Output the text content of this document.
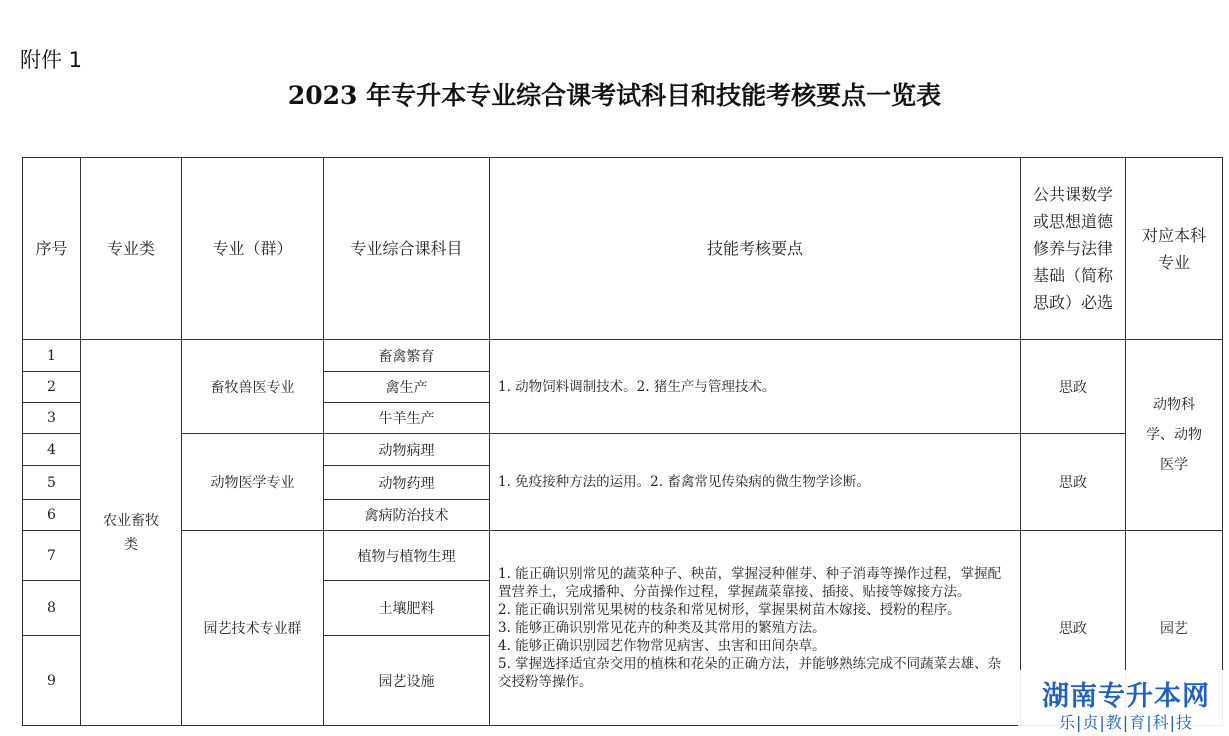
附件 1
2023 年专升本专业综合课考试科目和技能考核要点一览表
序号	专业类	专业（群）	专业综合课科目	技能考核要点	公共课数学或思想道德修养与法律基础（简称思政）必选	对应本科专业
1	农业畜牧类	畜牧兽医专业	畜禽繁育	1. 动物饲料调制技术。2. 猪生产与管理技术。	思政	动物科学、动物医学
2			禽生产			
3			牛羊生产			
4		动物医学专业	动物病理	1. 免疫接种方法的运用。2. 畜禽常见传染病的微生物学诊断。	思政	
5			动物药理			
6			禽病防治技术			
7		园艺技术专业群	植物与植物生理	1. 能正确识别常见的蔬菜种子、秧苗，掌握浸种催芽、种子消毒等操作过程，掌握配置营养土，完成播种、分苗操作过程，掌握蔬菜靠接、插接、贴接等嫁接方法。
2. 能正确识别常见果树的枝条和常见树形，掌握果树苗木嫁接、授粉的程序。
3. 能够正确识别常见花卉的种类及其常用的繁殖方法。
4. 能够正确识别园艺作物常见病害、虫害和田间杂草。
5. 掌握选择适宜杂交用的植株和花朵的正确方法，并能够熟练完成不同蔬菜去雄、杂交授粉等操作。	思政	园艺
8			土壤肥料			
9			园艺设施				湖南专升本网
乐|贞|教|育|科|技
